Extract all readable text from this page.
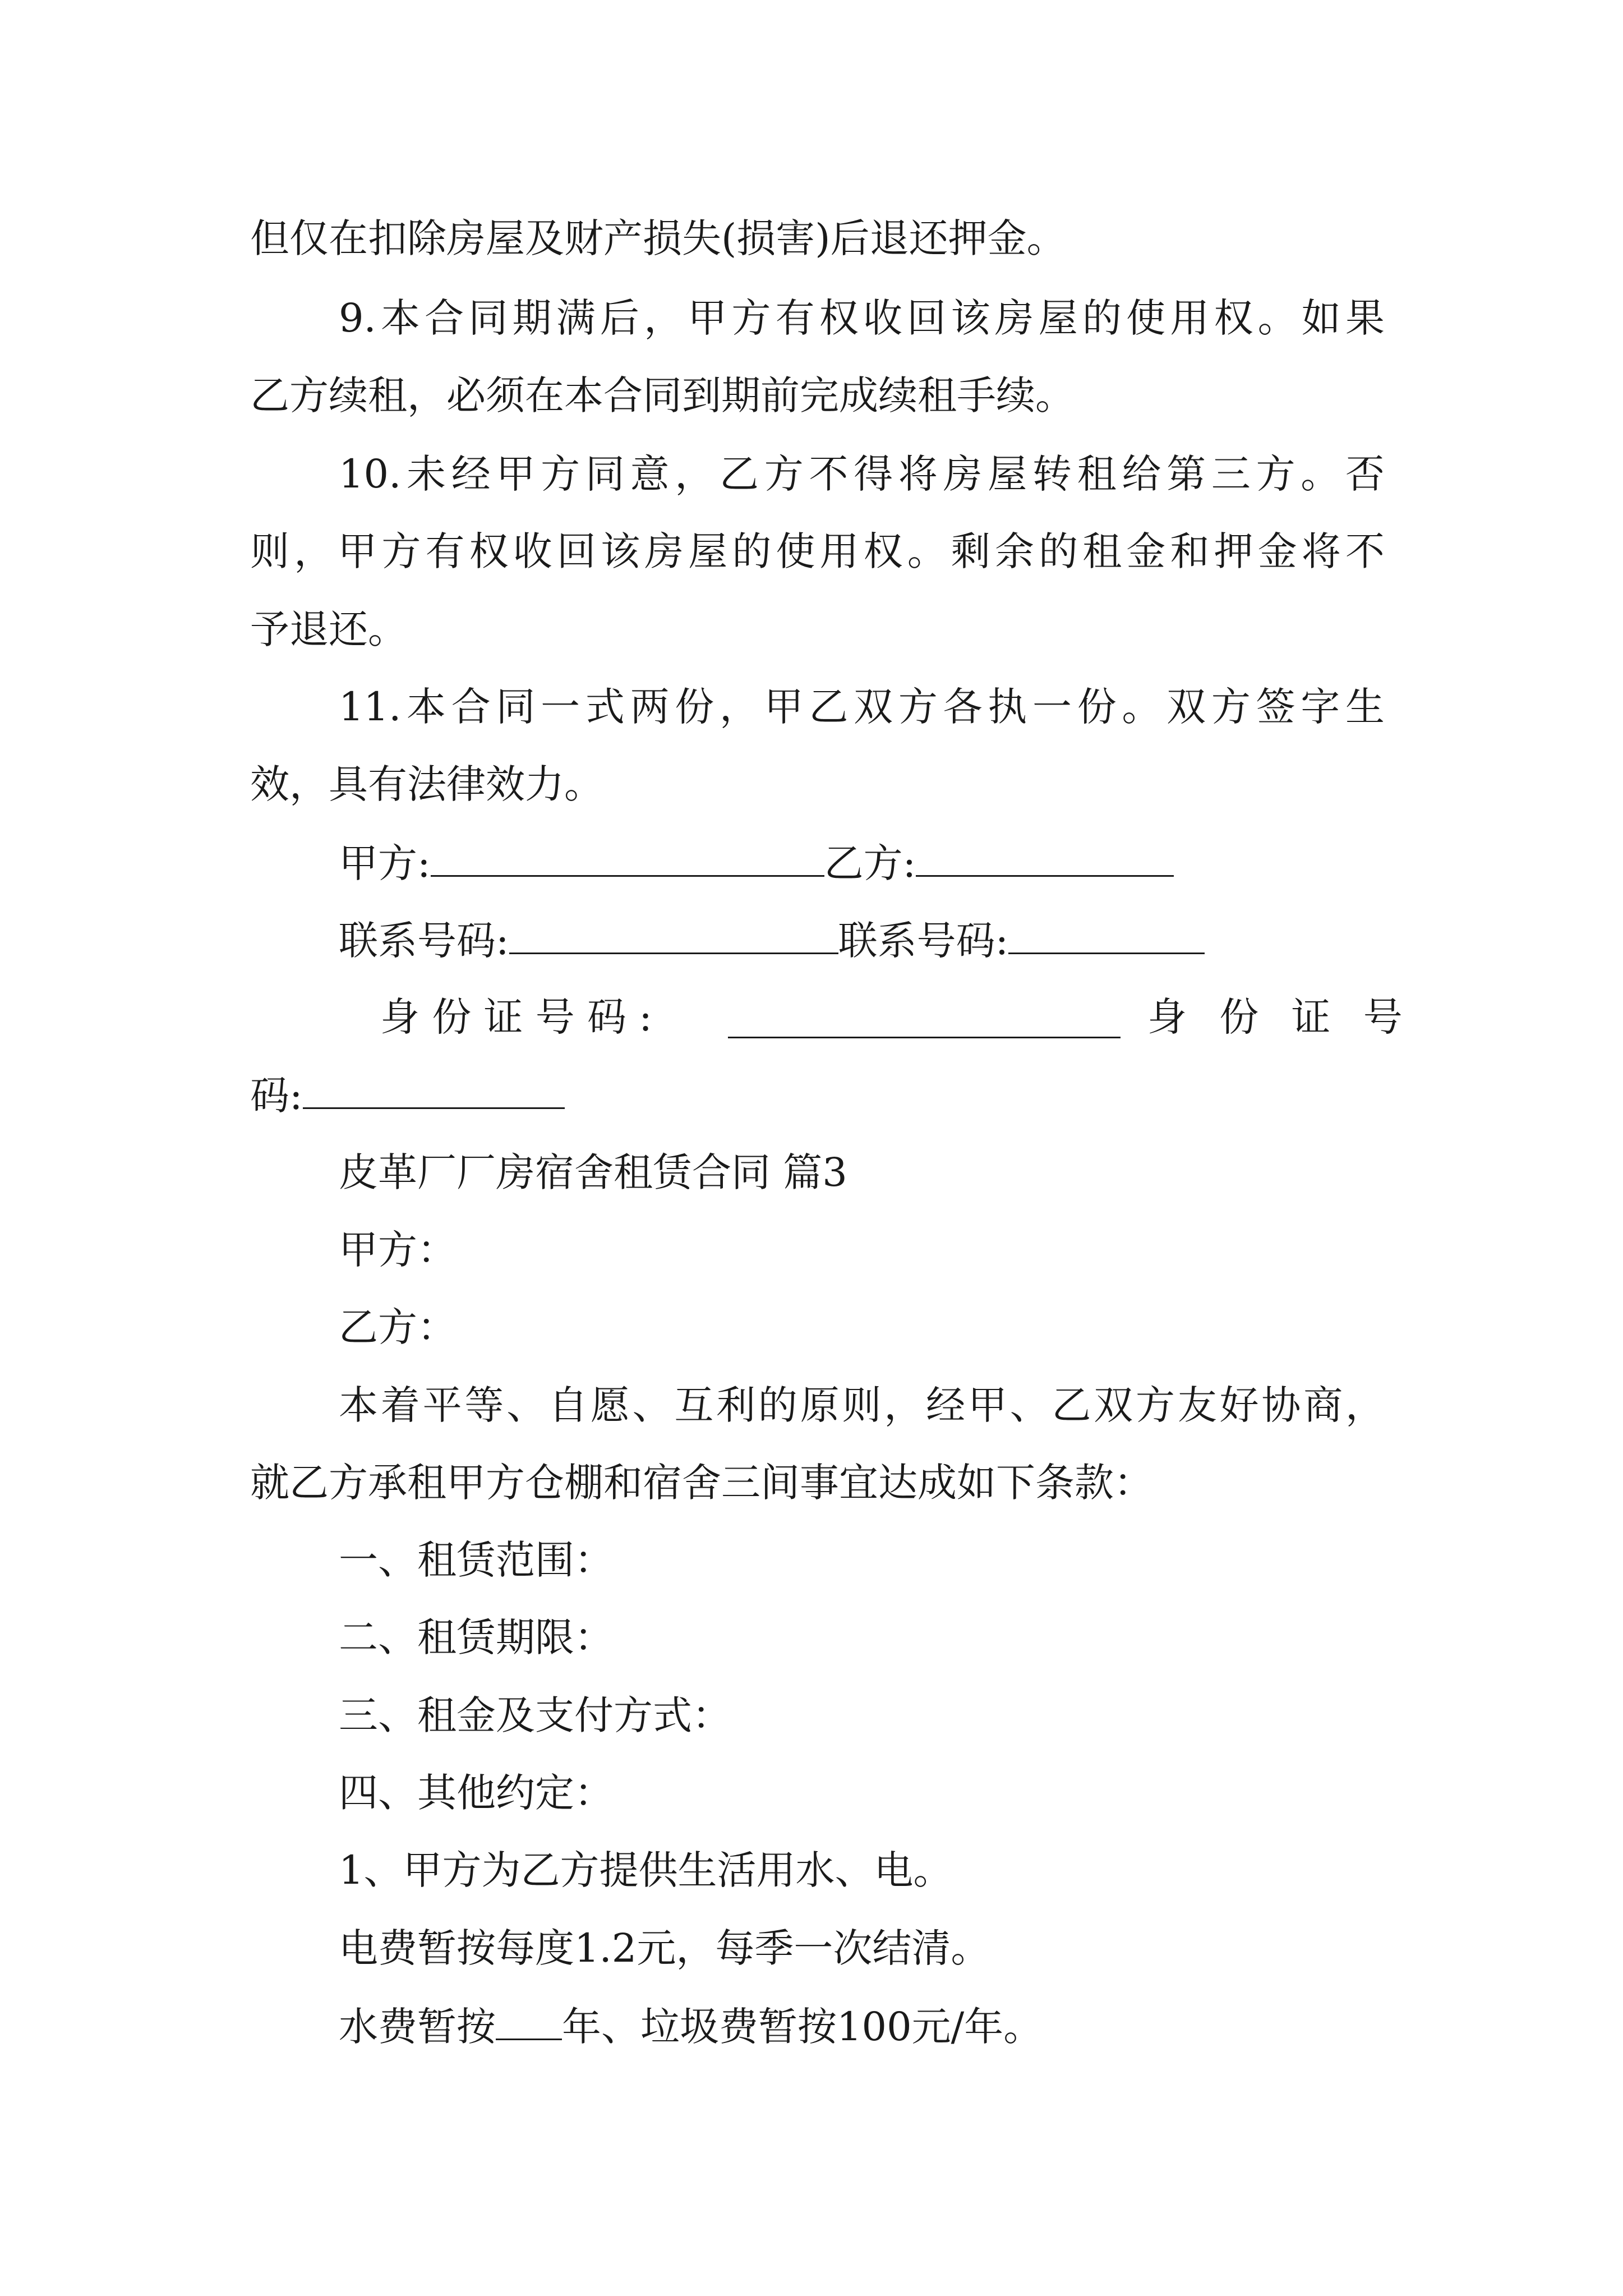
但仅在扣除房屋及财产损失(损害)后退还押金。
9.本合同期满后，甲方有权收回该房屋的使用权。如果
乙方续租，必须在本合同到期前完成续租手续。
10.未经甲方同意，乙方不得将房屋转租给第三方。否
则，甲方有权收回该房屋的使用权。剩余的租金和押金将不
予退还。
11.本合同一式两份，甲乙双方各执一份。双方签字生
效，具有法律效力。
甲方:	乙方:
联系号码:	联系号码:
身 份 证 号 码 :	身 份 证 号
码:
皮革厂厂房宿舍租赁合同 篇3
甲方：
乙方：
本着平等、自愿、互利的原则，经甲、乙双方友好协商，
就乙方承租甲方仓棚和宿舍三间事宜达成如下条款：
一、租赁范围：
二、租赁期限：
三、租金及支付方式：
四、其他约定：
1、甲方为乙方提供生活用水、电。
电费暂按每度1.2元，每季一次结清。
水费暂按 年、垃圾费暂按100元/年。
